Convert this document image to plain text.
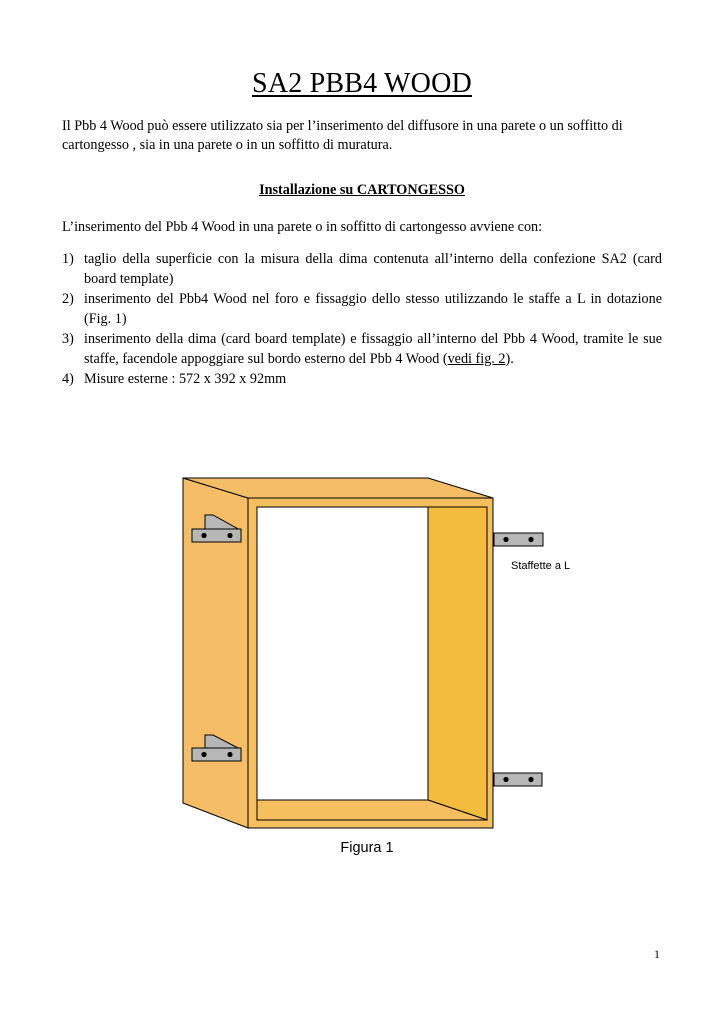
SA2 PBB4 WOOD
Il Pbb 4 Wood può essere utilizzato sia per l’inserimento del diffusore in una parete o un soffitto di cartongesso , sia in una parete o in un soffitto di muratura.
Installazione su CARTONGESSO
L’inserimento del Pbb 4 Wood in una parete o in soffitto di cartongesso avviene con:
1) taglio della superficie con la misura della dima contenuta all’interno della confezione SA2 (card board template)
2) inserimento del Pbb4 Wood nel foro e fissaggio dello stesso utilizzando le staffe a L in dotazione (Fig. 1)
3) inserimento della dima (card board template) e fissaggio all’interno del Pbb 4 Wood, tramite le sue staffe, facendole appoggiare sul bordo esterno del Pbb 4 Wood (vedi fig. 2).
4) Misure esterne : 572 x 392 x 92mm
Staffette a L
Figura 1
1
